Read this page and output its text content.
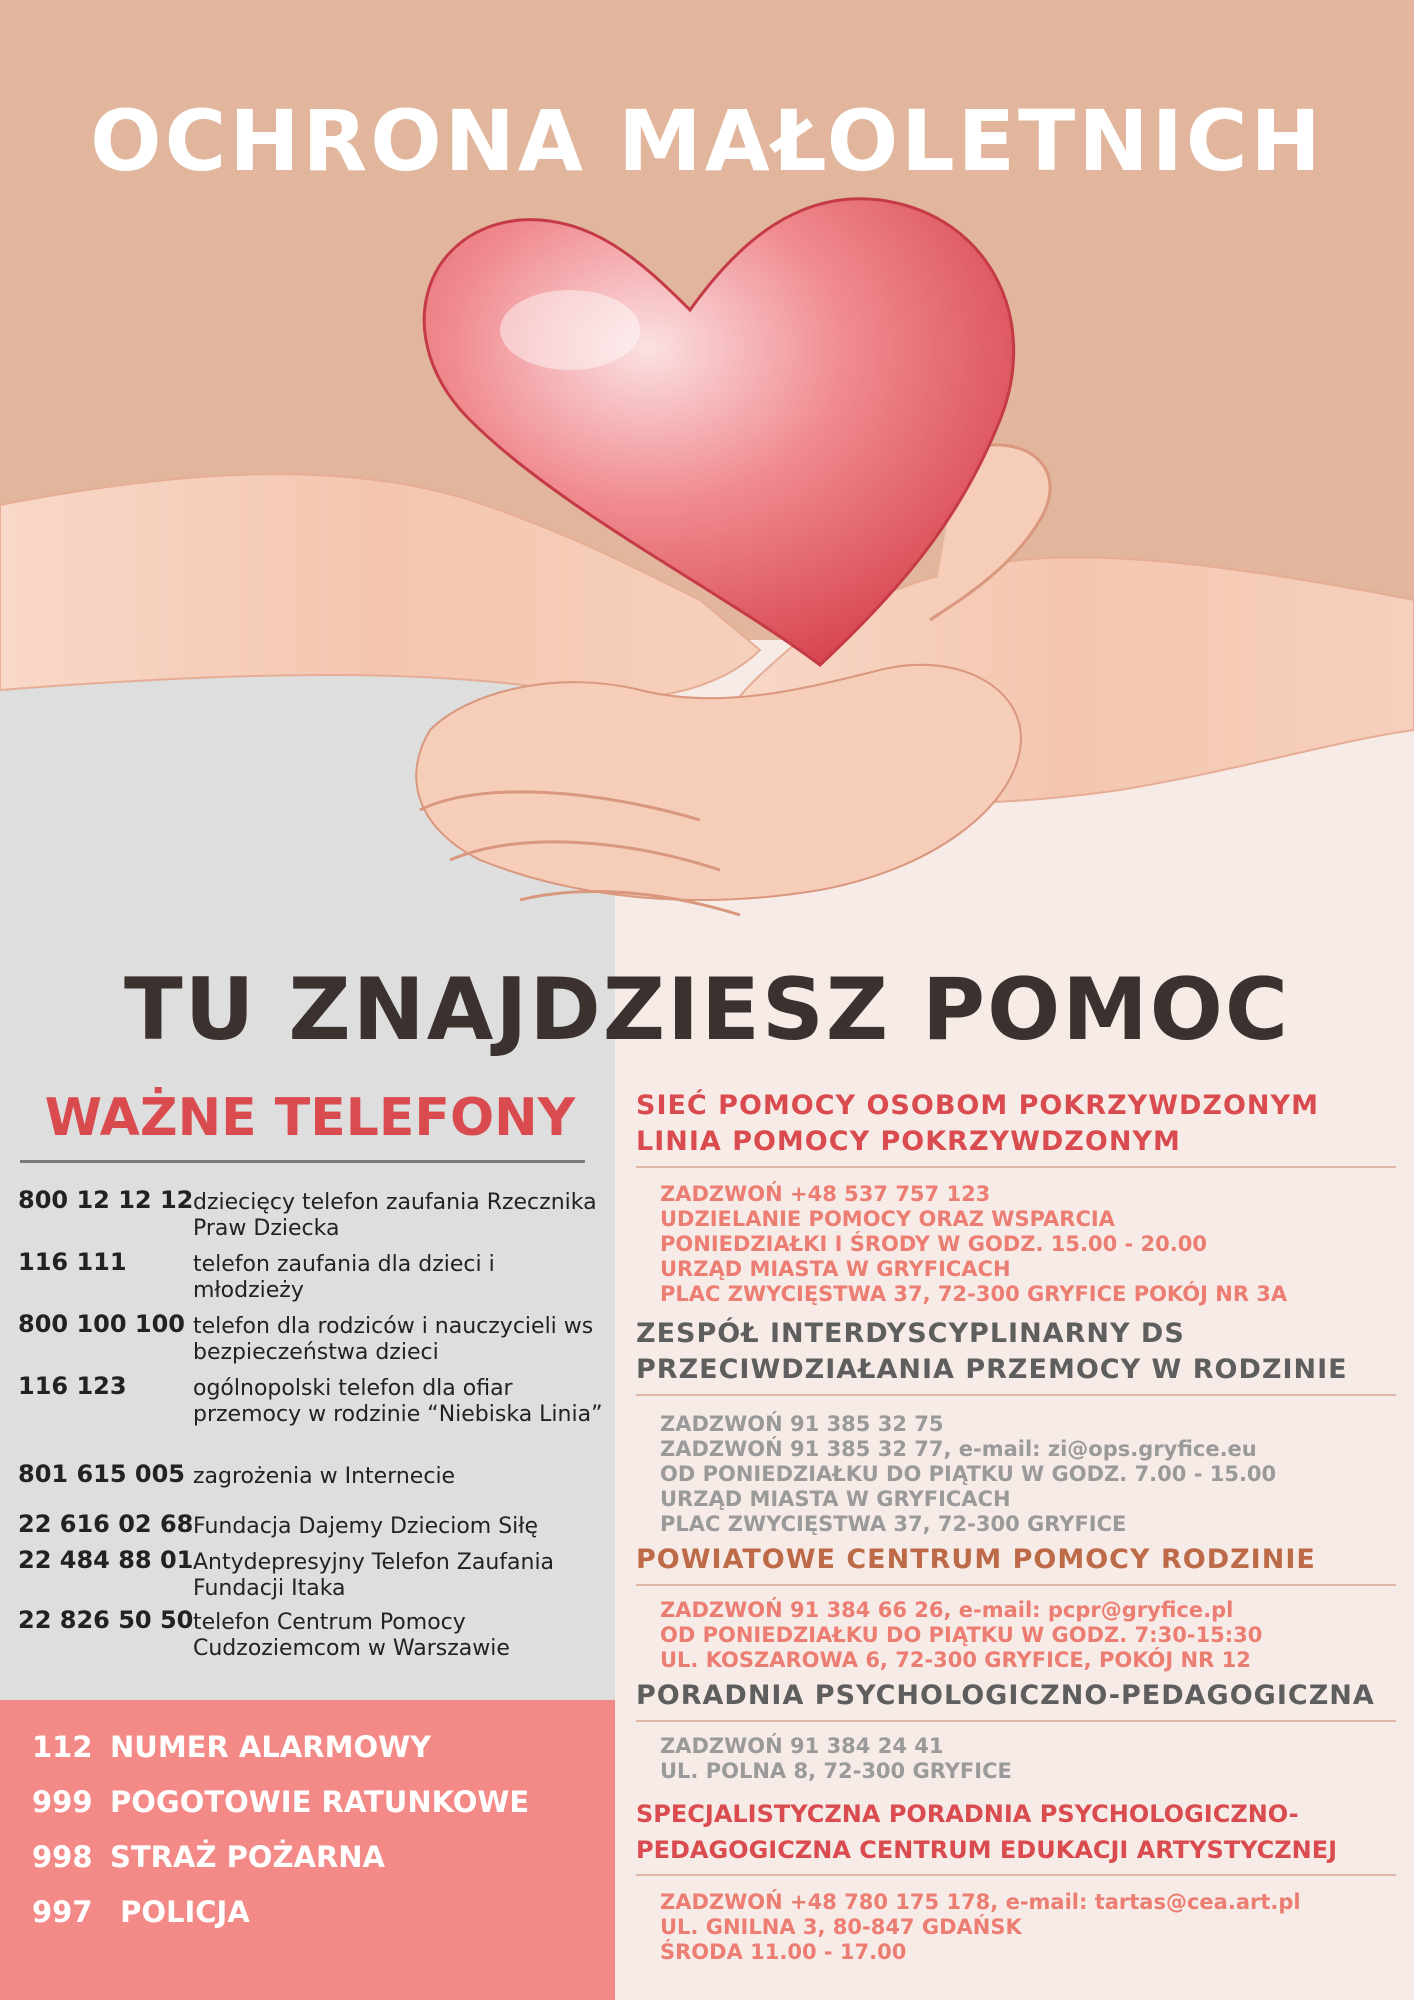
OCHRONA MAŁOLETNICH
TU ZNAJDZIESZ POMOC
WAŻNE TELEFONY
800 12 12 12 dziecięcy telefon zaufania Rzecznika Praw Dziecka
116 111	telefon zaufania dla dzieci i młodzieży
800 100 100 telefon dla rodziców i nauczycieli ws bezpieczeństwa dzieci
116 123	ogólnopolski telefon dla ofiar przemocy w rodzinie “Niebiska Linia”
801 615 005 zagrożenia w Internecie
22 616 02 68 Fundacja Dajemy Dzieciom Siłę
22 484 88 01 Antydepresyjny Telefon Zaufania Fundacji Itaka
22 826 50 50 telefon Centrum Pomocy Cudzoziemcom w Warszawie
112 NUMER ALARMOWY
999 POGOTOWIE RATUNKOWE
998 STRAŻ POŻARNA
997 POLICJA
SIEĆ POMOCY OSOBOM POKRZYWDZONYM
LINIA POMOCY POKRZYWDZONYM
ZADZWOŃ +48 537 757 123
UDZIELANIE POMOCY ORAZ WSPARCIA
PONIEDZIAŁKI I ŚRODY W GODZ. 15.00 - 20.00
URZĄD MIASTA W GRYFICACH
PLAC ZWYCIĘSTWA 37, 72-300 GRYFICE POKÓJ NR 3A
ZESPÓŁ INTERDYSCYPLINARNY DS
PRZECIWDZIAŁANIA PRZEMOCY W RODZINIE
ZADZWOŃ 91 385 32 75
ZADZWOŃ 91 385 32 77, e-mail: zi@ops.gryfice.eu
OD PONIEDZIAŁKU DO PIĄTKU W GODZ. 7.00 - 15.00
URZĄD MIASTA W GRYFICACH
PLAC ZWYCIĘSTWA 37, 72-300 GRYFICE
POWIATOWE CENTRUM POMOCY RODZINIE
ZADZWOŃ 91 384 66 26, e-mail: pcpr@gryfice.pl
OD PONIEDZIAŁKU DO PIĄTKU W GODZ. 7:30-15:30
UL. KOSZAROWA 6, 72-300 GRYFICE, POKÓJ NR 12
PORADNIA PSYCHOLOGICZNO-PEDAGOGICZNA
ZADZWOŃ 91 384 24 41
UL. POLNA 8, 72-300 GRYFICE
SPECJALISTYCZNA PORADNIA PSYCHOLOGICZNO-
PEDAGOGICZNA CENTRUM EDUKACJI ARTYSTYCZNEJ
ZADZWOŃ +48 780 175 178, e-mail: tartas@cea.art.pl
UL. GNILNA 3, 80-847 GDAŃSK
ŚRODA 11.00 - 17.00
